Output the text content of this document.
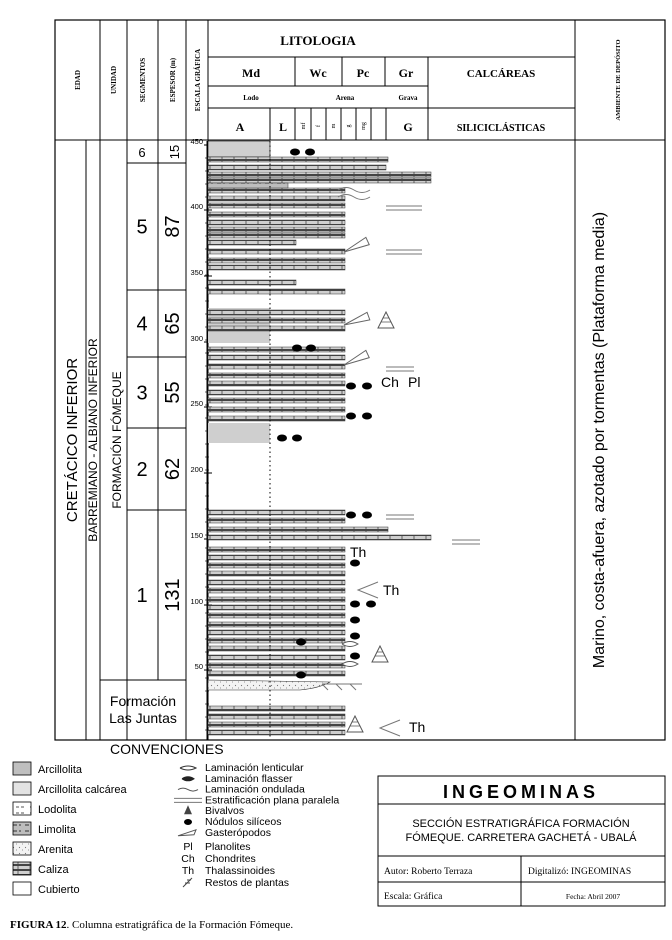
EDAD	UNIDAD	SEGMENTOS	ESPESOR (m) ESCALA GRÁFICA	AMBIENTE DE DEPÓSITO
LITOLOGIA
Md	Wc	Pc Gr	CALCÁREAS
Lodo	Arena	Grava
A	L mf f m g mg	G	SILICICLÁSTICAS
CRETÁCICO INFERIOR BARREMIANO - ALBIANO INFERIOR FORMACIÓN FÓMEQUE
Formación
Las Juntas
Marino, costa-afuera, azotado por tormentas (Plataforma media)
6 15
5 87
4 65
3 55
2 62
1 131
450
400
350
300
250
200
150
100
50
Ch Pl
Th
Th
Th
CONVENCIONES
Arcillolita
Arcillolita calcárea
Lodolita
Limolita
Arenita
Caliza
Cubierto
Laminación lenticular
Laminación flasser
Laminación ondulada
Estratificación plana paralela
Bivalvos
Nódulos silíceos
Gasterópodos
Pl Planolites
Ch Chondrites
Th Thalassinoides
Restos de plantas
INGEOMINAS
SECCIÓN ESTRATIGRÁFICA FORMACIÓN
FÓMEQUE. CARRETERA GACHETÁ - UBALÁ
Autor: Roberto Terraza	Digitalizó: INGEOMINAS
Escala: Gráfica	Fecha: Abril 2007
FIGURA 12. Columna estratigráfica de la Formación Fómeque.
